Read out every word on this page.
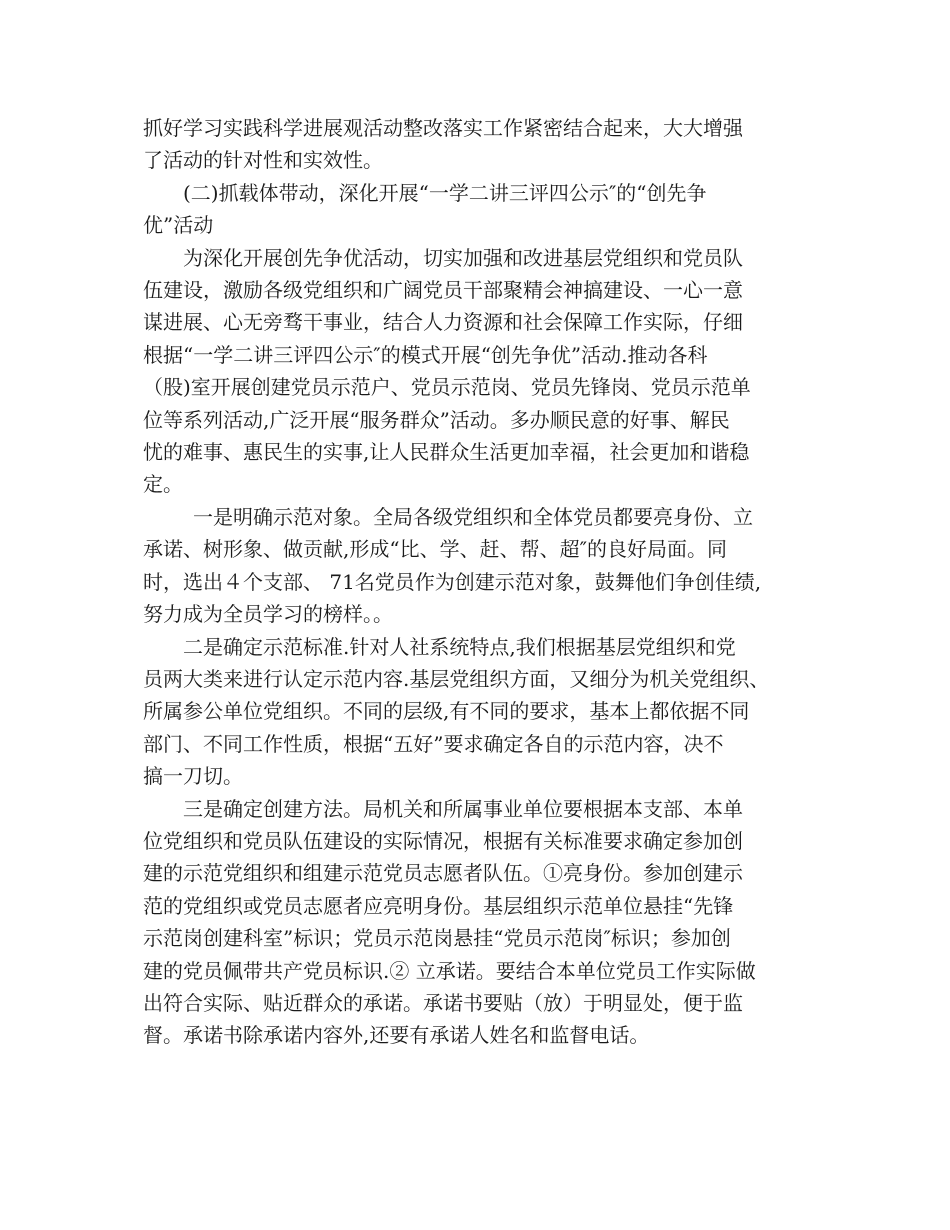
抓好学习实践科学进展观活动整改落实工作紧密结合起来，大大增强
了活动的针对性和实效性。

(二)抓载体带动，深化开展“一学二讲三评四公示″的“创先争
优”活动

为深化开展创先争优活动，切实加强和改进基层党组织和党员队
伍建设，激励各级党组织和广阔党员干部聚精会神搞建设、一心一意
谋进展、心无旁骛干事业，结合人力资源和社会保障工作实际，仔细
根据“一学二讲三评四公示″的模式开展“创先争优”活动.推动各科
（股)室开展创建党员示范户、党员示范岗、党员先锋岗、党员示范单
位等系列活动,广泛开展“服务群众”活动。多办顺民意的好事、解民
忧的难事、惠民生的实事,让人民群众生活更加幸福，社会更加和谐稳
定。

一是明确示范对象。全局各级党组织和全体党员都要亮身份、立
承诺、树形象、做贡献,形成“比、学、赶、帮、超″的良好局面。同
时，选出４个支部、 71名党员作为创建示范对象，鼓舞他们争创佳绩,
努力成为全员学习的榜样。。

二是确定示范标准.针对人社系统特点,我们根据基层党组织和党
员两大类来进行认定示范内容.基层党组织方面，又细分为机关党组织、
所属参公单位党组织。不同的层级,有不同的要求，基本上都依据不同
部门、不同工作性质，根据“五好”要求确定各自的示范内容，决不
搞一刀切。

三是确定创建方法。局机关和所属事业单位要根据本支部、本单
位党组织和党员队伍建设的实际情况，根据有关标准要求确定参加创
建的示范党组织和组建示范党员志愿者队伍。①亮身份。参加创建示
范的党组织或党员志愿者应亮明身份。基层组织示范单位悬挂“先锋
示范岗创建科室”标识；党员示范岗悬挂“党员示范岗″标识；参加创
建的党员佩带共产党员标识.② 立承诺。要结合本单位党员工作实际做
出符合实际、贴近群众的承诺。承诺书要贴（放）于明显处，便于监
督。承诺书除承诺内容外,还要有承诺人姓名和监督电话。
